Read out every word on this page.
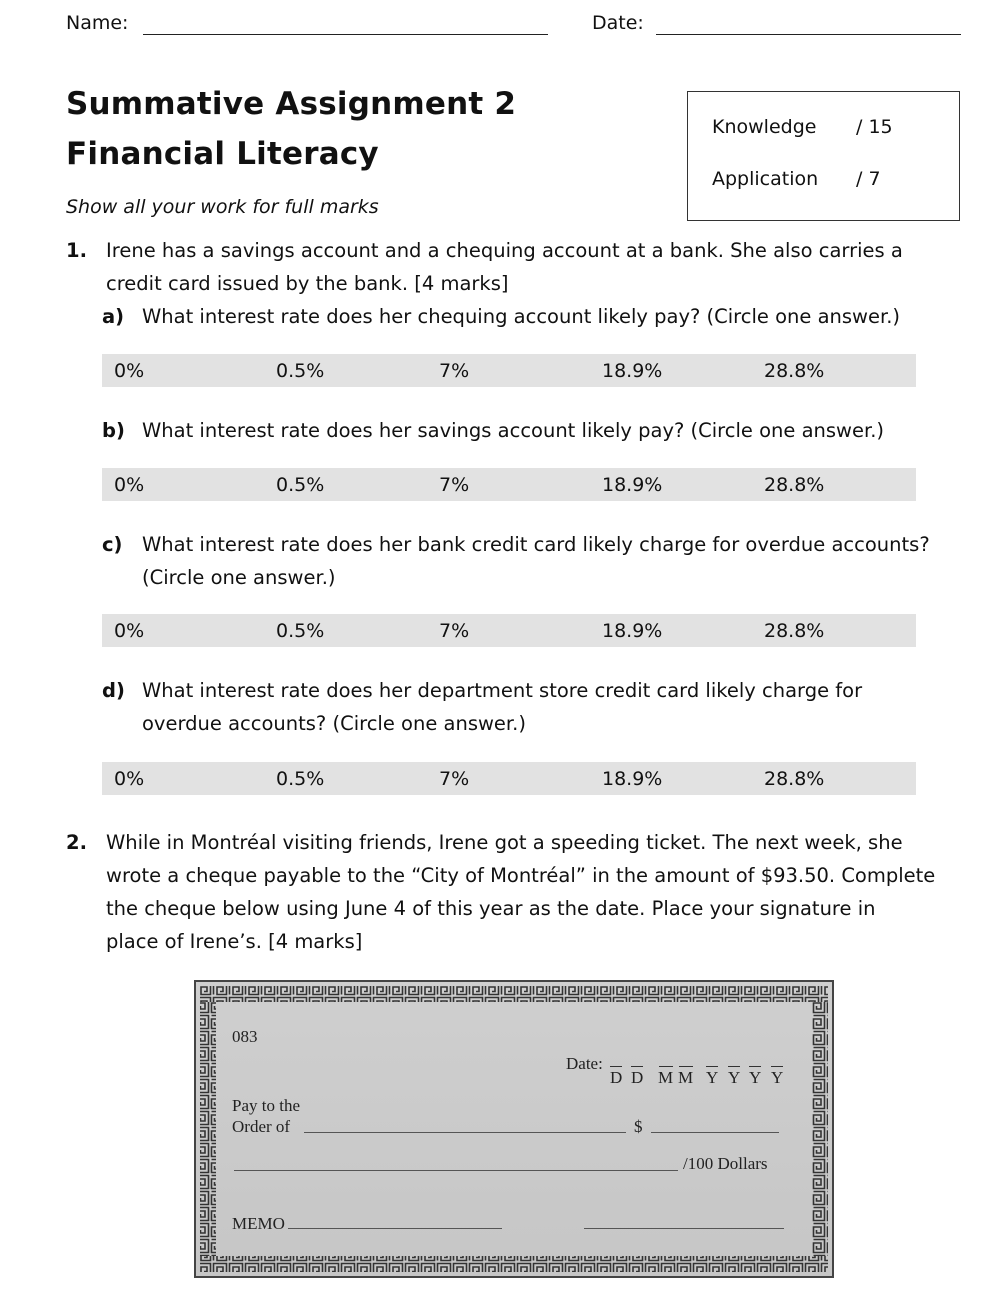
Name:	Date:
Summative Assignment 2
Financial Literacy
Show all your work for full marks
Knowledge / 15
Application / 7
1. Irene has a savings account and a chequing account at a bank. She also carries a
credit card issued by the bank. [4 marks]
a) What interest rate does her chequing account likely pay? (Circle one answer.)
0%	0.5%	7%	18.9%	28.8%
b) What interest rate does her savings account likely pay? (Circle one answer.)
0%	0.5%	7%	18.9%	28.8%
c) What interest rate does her bank credit card likely charge for overdue accounts?
(Circle one answer.)
0%	0.5%	7%	18.9%	28.8%
d) What interest rate does her department store credit card likely charge for
overdue accounts? (Circle one answer.)
0%	0.5%	7%	18.9%	28.8%
2. While in Montréal visiting friends, Irene got a speeding ticket. The next week, she
wrote a cheque payable to the “City of Montréal” in the amount of $93.50. Complete
the cheque below using June 4 of this year as the date. Place your signature in
place of Irene’s. [4 marks]
083
Date:
D D M M Y Y Y Y
Pay to the
Order of	$
/100 Dollars
MEMO
